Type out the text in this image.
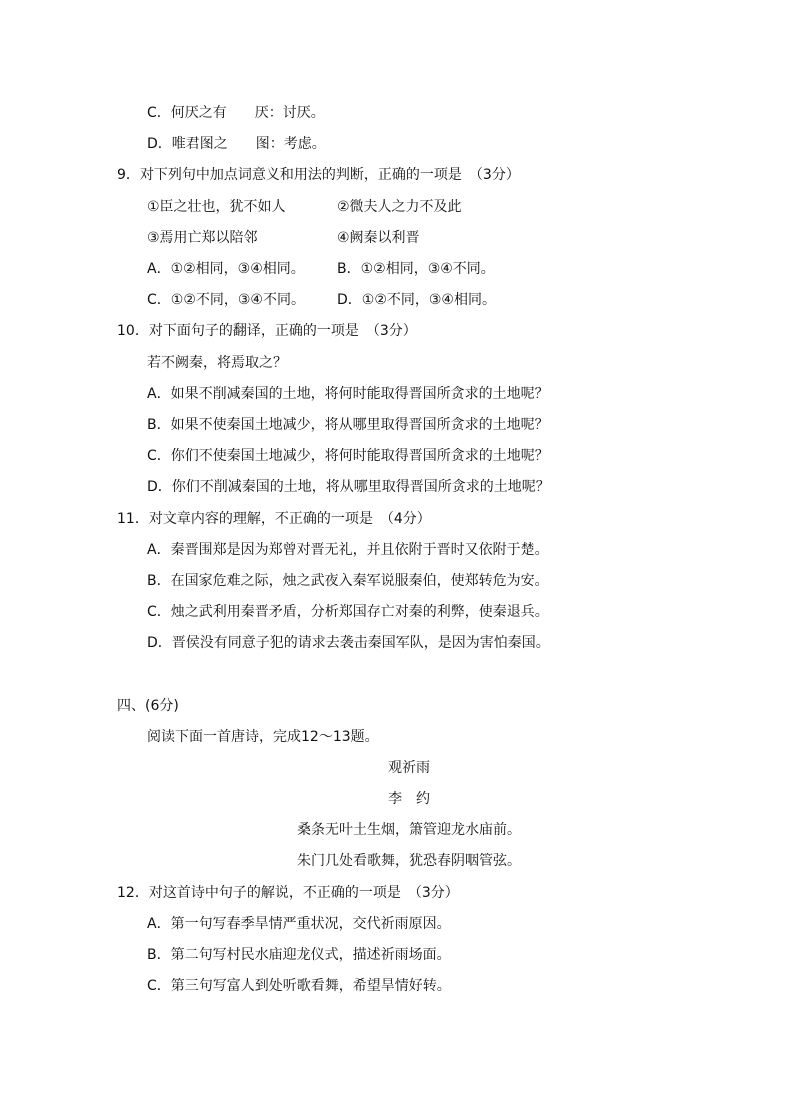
C．何厌之有　　厌：讨厌。
D．唯君图之　　图：考虑。
9．对下列句中加点词意义和用法的判断，正确的一项是　（3分）
①臣之壮也，犹不如人	②微夫人之力不及此
③焉用亡郑以陪邻	④阙秦以利晋
A．①②相同，③④相同。 B．①②相同，③④不同。
C．①②不同，③④不同。 D．①②不同，③④相同。
10．对下面句子的翻译，正确的一项是　（3分）
若不阙秦，将焉取之？
A．如果不削减秦国的土地，将何时能取得晋国所贪求的土地呢？
B．如果不使秦国土地减少，将从哪里取得晋国所贪求的土地呢？
C．你们不使秦国土地减少，将何时能取得晋国所贪求的土地呢？
D．你们不削减秦国的土地，将从哪里取得晋国所贪求的土地呢？
11．对文章内容的理解，不正确的一项是　（4分）
A．秦晋围郑是因为郑曾对晋无礼，并且依附于晋时又依附于楚。
B．在国家危难之际，烛之武夜入秦军说服秦伯，使郑转危为安。
C．烛之武利用秦晋矛盾，分析郑国存亡对秦的利弊，使秦退兵。
D．晋侯没有同意子犯的请求去袭击秦国军队，是因为害怕秦国。
四、(6分)
阅读下面一首唐诗，完成12～13题。
观祈雨
李　约
桑条无叶土生烟，箫管迎龙水庙前。
朱门几处看歌舞，犹恐春阴咽管弦。
12．对这首诗中句子的解说，不正确的一项是　（3分）
A．第一句写春季旱情严重状况，交代祈雨原因。
B．第二句写村民水庙迎龙仪式，描述祈雨场面。
C．第三句写富人到处听歌看舞，希望旱情好转。
